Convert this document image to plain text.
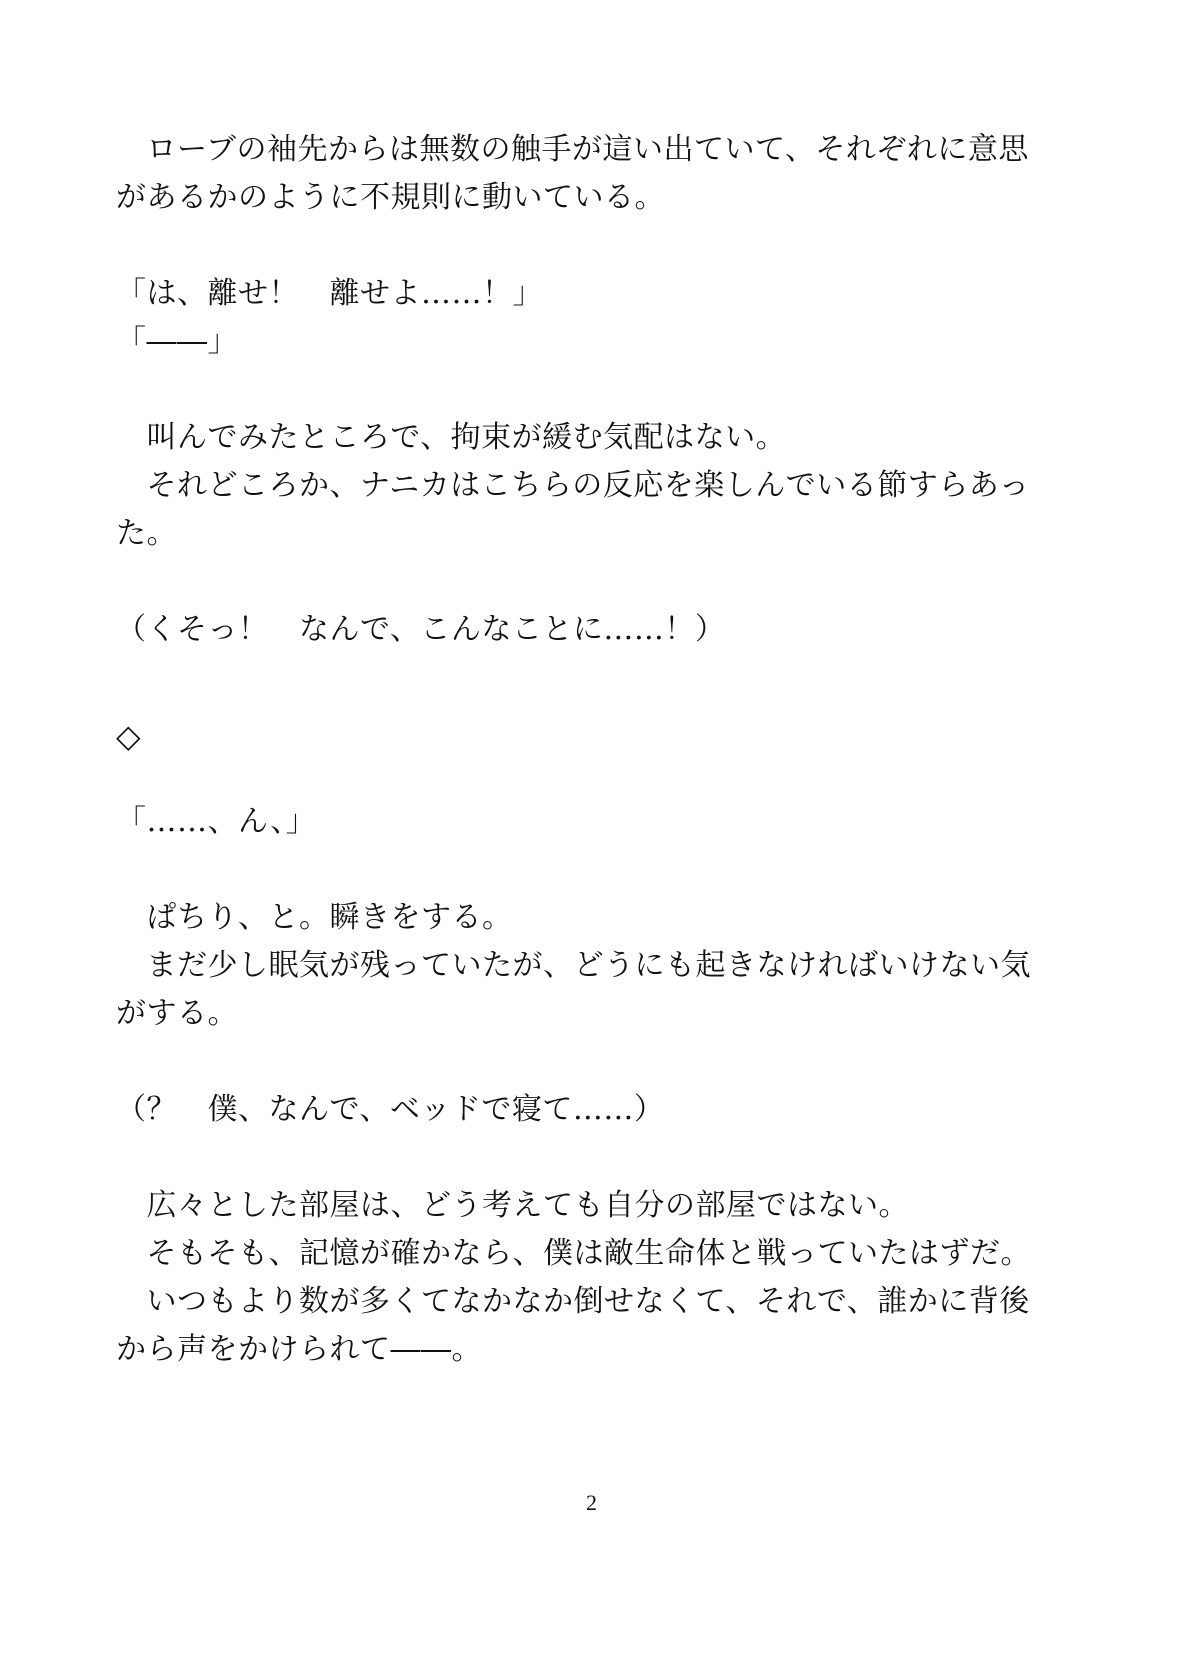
　ローブの袖先からは無数の触手が這い出ていて、それぞれに意思
があるかのように不規則に動いている。
「は、離せ！　離せよ……！」
「――」
　叫んでみたところで、拘束が緩む気配はない。
　それどころか、ナニカはこちらの反応を楽しんでいる節すらあっ
た。
（くそっ！　なんで、こんなことに……！）
◇
「……、ん、」
　ぱちり、と。瞬きをする。
　まだ少し眠気が残っていたが、どうにも起きなければいけない気
がする。
（？　僕、なんで、ベッドで寝て……）
　広々とした部屋は、どう考えても自分の部屋ではない。
　そもそも、記憶が確かなら、僕は敵生命体と戦っていたはずだ。
　いつもより数が多くてなかなか倒せなくて、それで、誰かに背後
から声をかけられて――。
2
